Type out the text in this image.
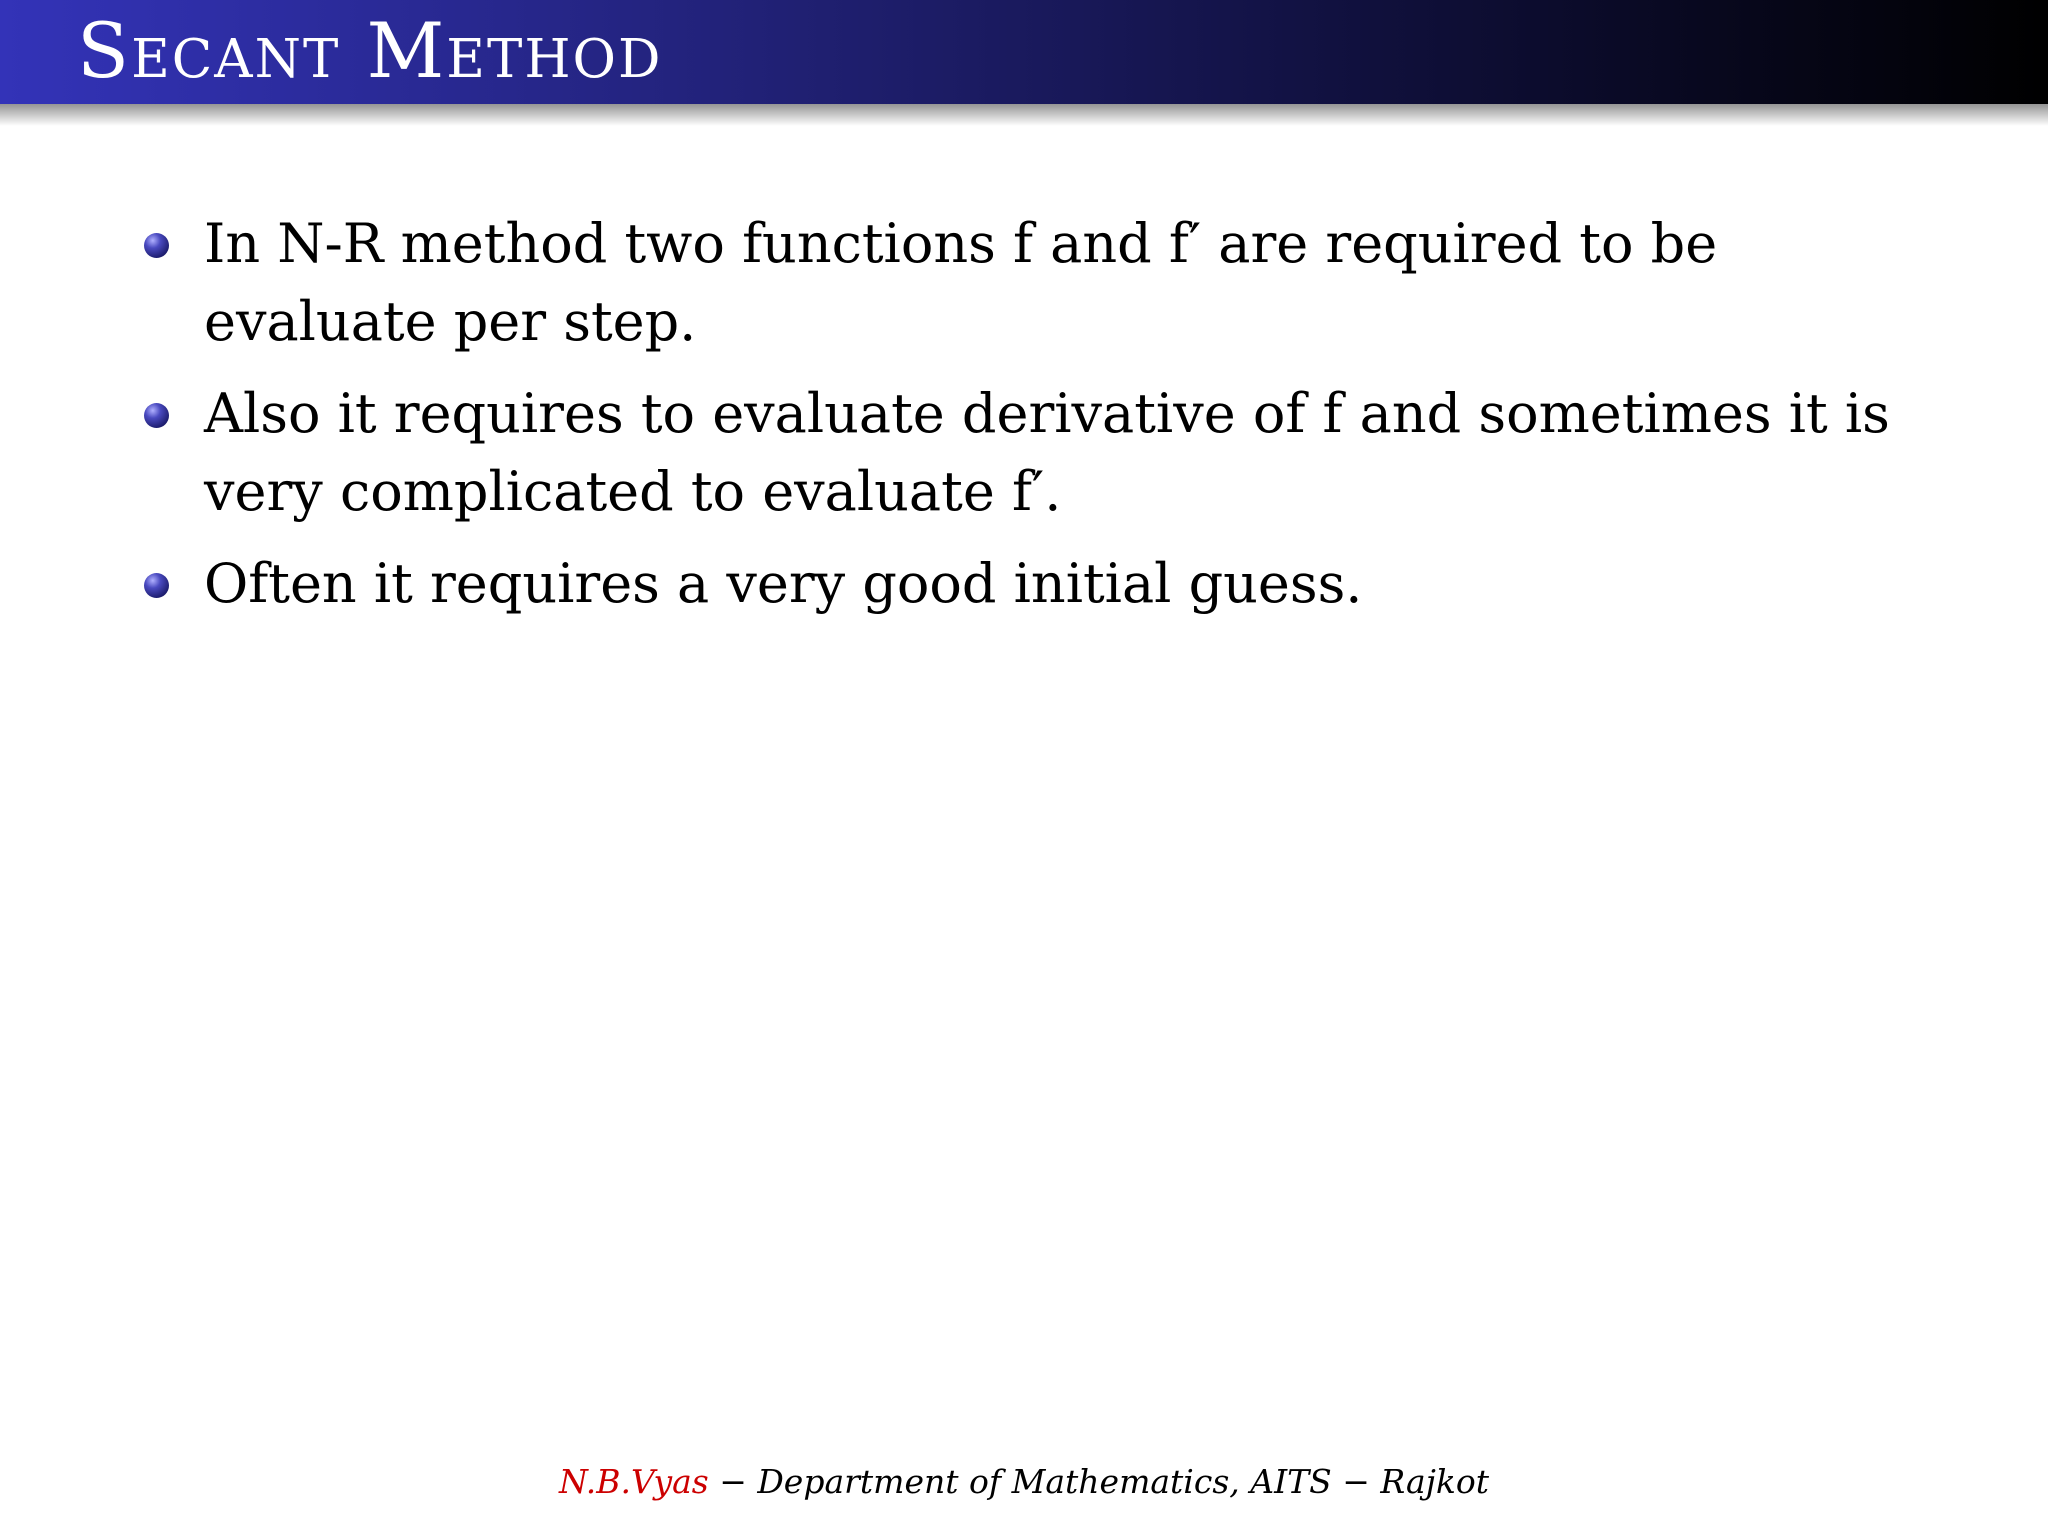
Secant Method
In N-R method two functions f and f′ are required to be evaluate per step.
Also it requires to evaluate derivative of f and sometimes it is very complicated to evaluate f′.
Often it requires a very good initial guess.
N.B.Vyas − Department of Mathematics, AITS − Rajkot
